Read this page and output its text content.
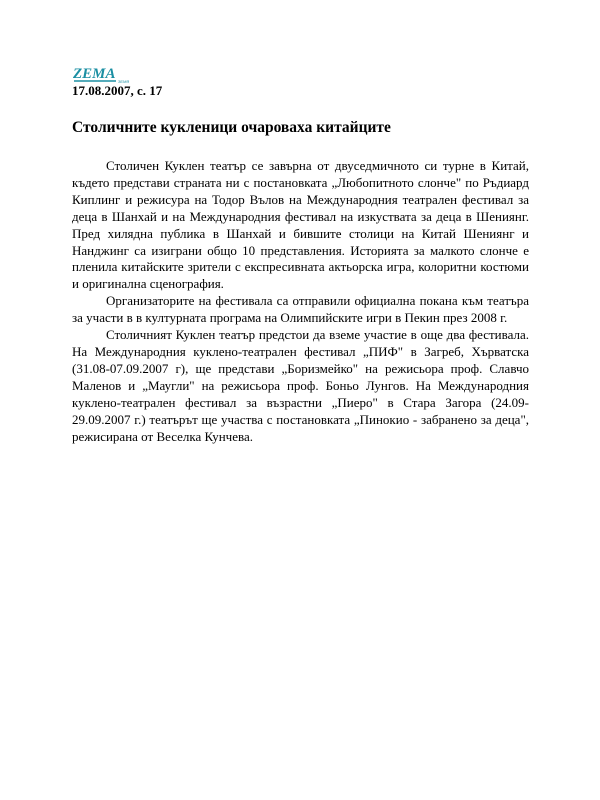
ZEMA ЗЕМЯ
17.08.2007, с. 17
Столичните кукленици очароваха китайците

Столичен Куклен театър се завърна от двуседмичното си турне в Китай, където представи страната ни с постановката „Любопитното слонче" по Ръдиард Киплинг и режисура на Тодор Вълов на Международния театрален фестивал за деца в Шанхай и на Международния фестивал на изкуствата за деца в Шениянг. Пред хилядна публика в Шанхай и бившите столици на Китай Шениянг и Нанджинг са изиграни общо 10 представления. Историята за малкото слонче е пленила китайските зрители с експресивната актьорска игра, колоритни костюми и оригинална сценография.

Организаторите на фестивала са отправили официална покана към театъра за участи в в културната програма на Олимпийските игри в Пекин през 2008 г.

Столичният Куклен театър предстои да вземе участие в още два фестивала. На Международния куклено-театрален фестивал „ПИФ" в Загреб, Хърватска (31.08-07.09.2007 г), ще представи „Боризмейко" на режисьора проф. Славчо Маленов и „Маугли" на режисьора проф. Боньо Лунгов. На Международния куклено-театрален фестивал за възрастни „Пиеро" в Стара Загора (24.09-29.09.2007 г.) театърът ще участва с постановката „Пинокио - забранено за деца", режисирана от Веселка Кунчева.
